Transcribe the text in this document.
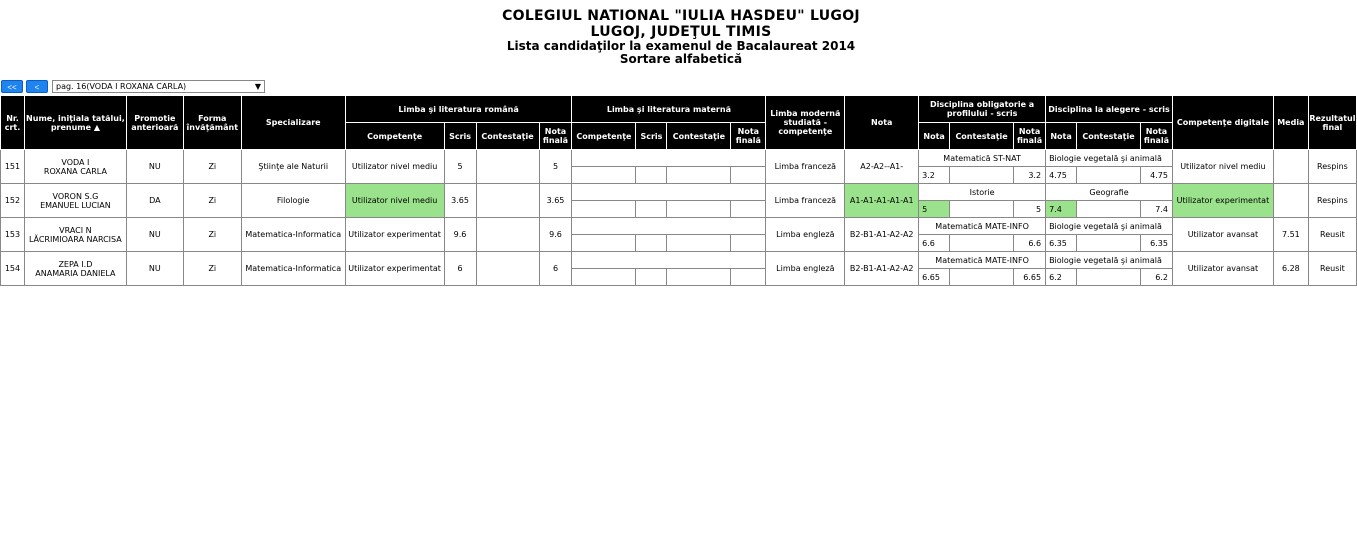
COLEGIUL NATIONAL "IULIA HASDEU" LUGOJ
LUGOJ, JUDEŢUL TIMIS
Lista candidaţilor la examenul de Bacalaureat 2014
Sortare alfabetică
<<	<	pag. 16(VODA I ROXANA CARLA)	▼
Nr. crt.	Nume, iniţiala tatălui, prenume ▲	Promotie anterioară	Forma învăţământ	Specializare	Limba şi literatura română				Limba şi literatura maternă				Limba modernă studiată - competenţe	Nota	Disciplina obligatorie a profilului - scris			Disciplina la alegere - scris			Competenţe digitale	Media	Rezultatul final
					Competenţe	Scris	Contestaţie	Nota finală	Competenţe	Scris	Contestaţie	Nota finală			Nota	Contestaţie	Nota finală	Nota	Contestaţie	Nota finală			
151	VODA I
ROXANA CARLA	NU	Zi	Ştiinţe ale Naturii	Utilizator nivel mediu	5		5					Limba franceză	A2-A2--A1-	Matematică ST-NAT			Biologie vegetală şi animală			Utilizator nivel mediu		Respins
															3.2		3.2	4.75		4.75			
152	VORON S.G
EMANUEL LUCIAN	DA	Zi	Filologie	Utilizator nivel mediu	3.65		3.65					Limba franceză	A1-A1-A1-A1-A1	Istorie			Geografie			Utilizator experimentat		Respins
															5		5	7.4		7.4			
153	VRACI N
LĂCRIMIOARA NARCISA	NU	Zi	Matematica-Informatica	Utilizator experimentat	9.6		9.6					Limba engleză	B2-B1-A1-A2-A2	Matematică MATE-INFO			Biologie vegetală şi animală			Utilizator avansat	7.51	Reusit
															6.6		6.6	6.35		6.35			
154	ZEPA I.D
ANAMARIA DANIELA	NU	Zi	Matematica-Informatica	Utilizator experimentat	6		6					Limba engleză	B2-B1-A1-A2-A2	Matematică MATE-INFO			Biologie vegetală şi animală			Utilizator avansat	6.28	Reusit
															6.65		6.65	6.2		6.2			
